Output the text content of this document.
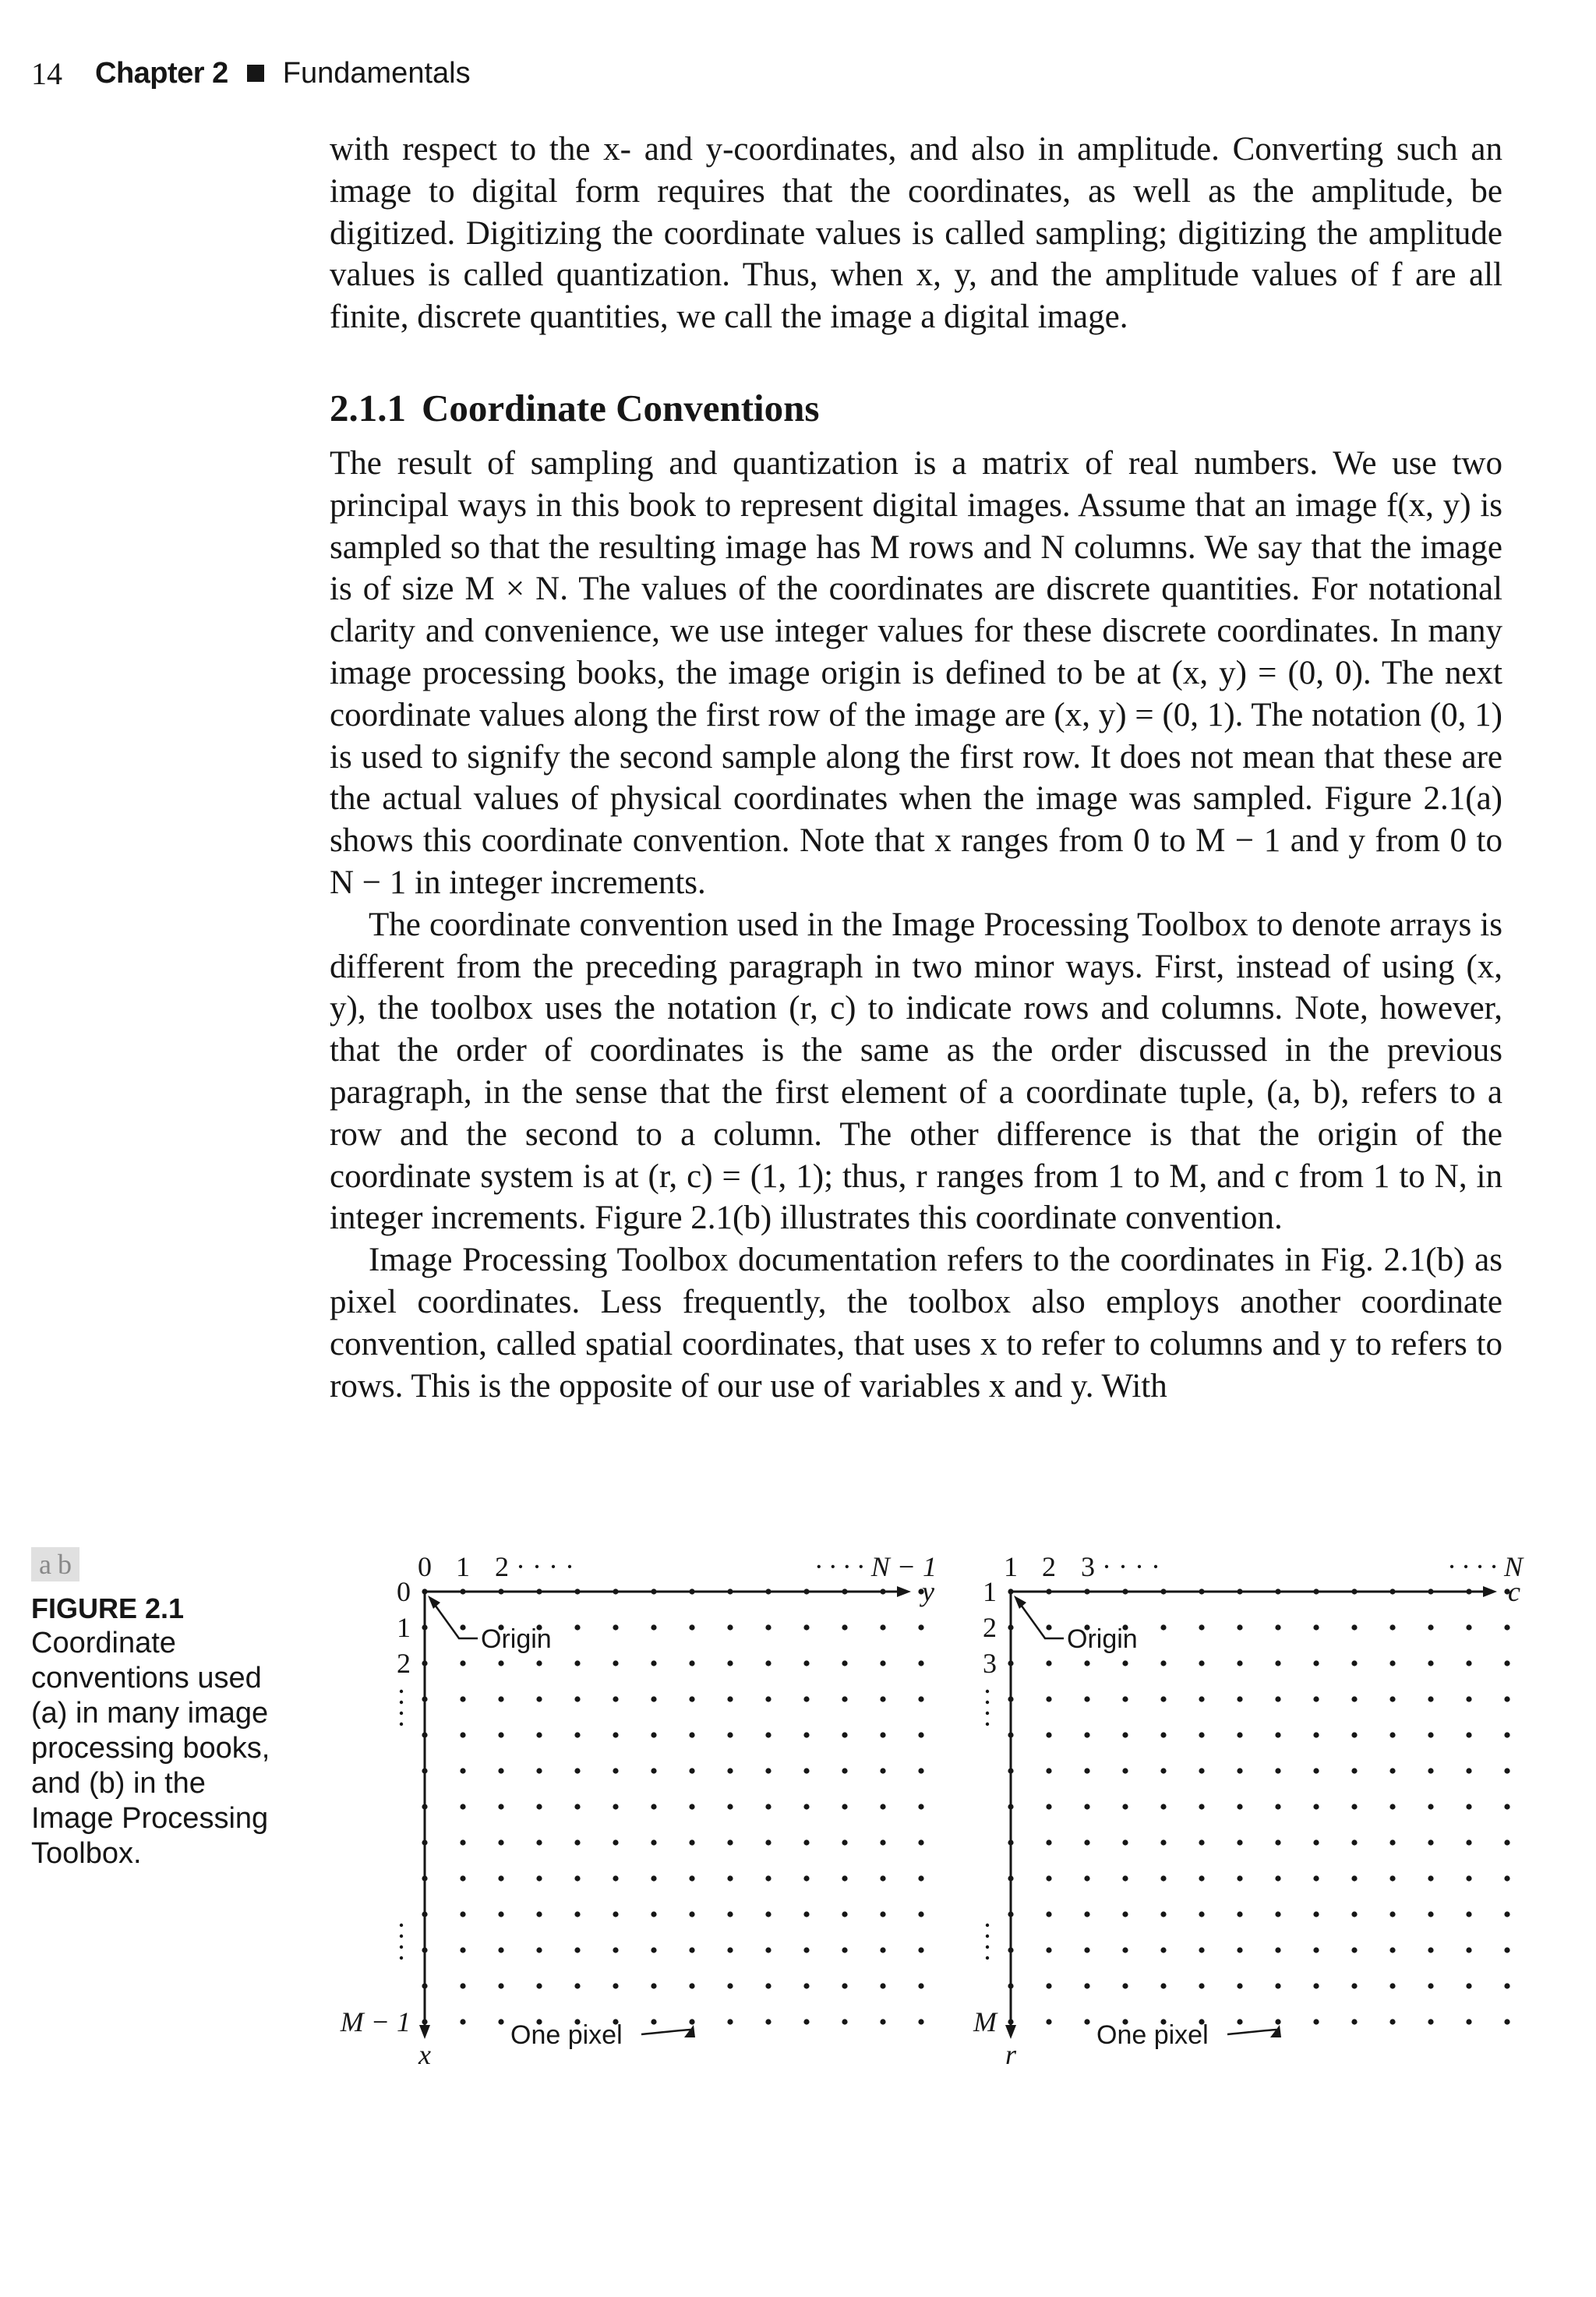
14 Chapter 2 Fundamentals

with respect to the x- and y-coordinates, and also in amplitude. Converting such an image to digital form requires that the coordinates, as well as the amplitude, be digitized. Digitizing the coordinate values is called sampling; digitizing the amplitude values is called quantization. Thus, when x, y, and the amplitude values of f are all finite, discrete quantities, we call the image a digital image.

2.1.1 Coordinate Conventions

The result of sampling and quantization is a matrix of real numbers. We use two principal ways in this book to represent digital images. Assume that an image f(x, y) is sampled so that the resulting image has M rows and N columns. We say that the image is of size M × N. The values of the coordinates are discrete quantities. For notational clarity and convenience, we use integer values for these discrete coordinates. In many image processing books, the image origin is defined to be at (x, y) = (0, 0). The next coordinate values along the first row of the image are (x, y) = (0, 1). The notation (0, 1) is used to signify the second sample along the first row. It does not mean that these are the actual values of physical coordinates when the image was sampled. Figure 2.1(a) shows this coordinate convention. Note that x ranges from 0 to M − 1 and y from 0 to N − 1 in integer increments.

The coordinate convention used in the Image Processing Toolbox to denote arrays is different from the preceding paragraph in two minor ways. First, instead of using (x, y), the toolbox uses the notation (r, c) to indicate rows and columns. Note, however, that the order of coordinates is the same as the order discussed in the previous paragraph, in the sense that the first element of a coordinate tuple, (a, b), refers to a row and the second to a column. The other difference is that the origin of the coordinate system is at (r, c) = (1, 1); thus, r ranges from 1 to M, and c from 1 to N, in integer increments. Figure 2.1(b) illustrates this coordinate convention.

Image Processing Toolbox documentation refers to the coordinates in Fig. 2.1(b) as pixel coordinates. Less frequently, the toolbox also employs another coordinate convention, called spatial coordinates, that uses x to refer to columns and y to refers to rows. This is the opposite of our use of variables x and y. With

a b
FIGURE 2.1
Coordinate conventions used (a) in many image processing books, and (b) in the Image Processing Toolbox.
0 1 2 · · · ·	· · · · N − 1
0
1
2
M − 1
y
x
Origin
One pixel
1 2 3 · · · ·	· · · · N
1
2
3
M
c
r
Origin
One pixel
